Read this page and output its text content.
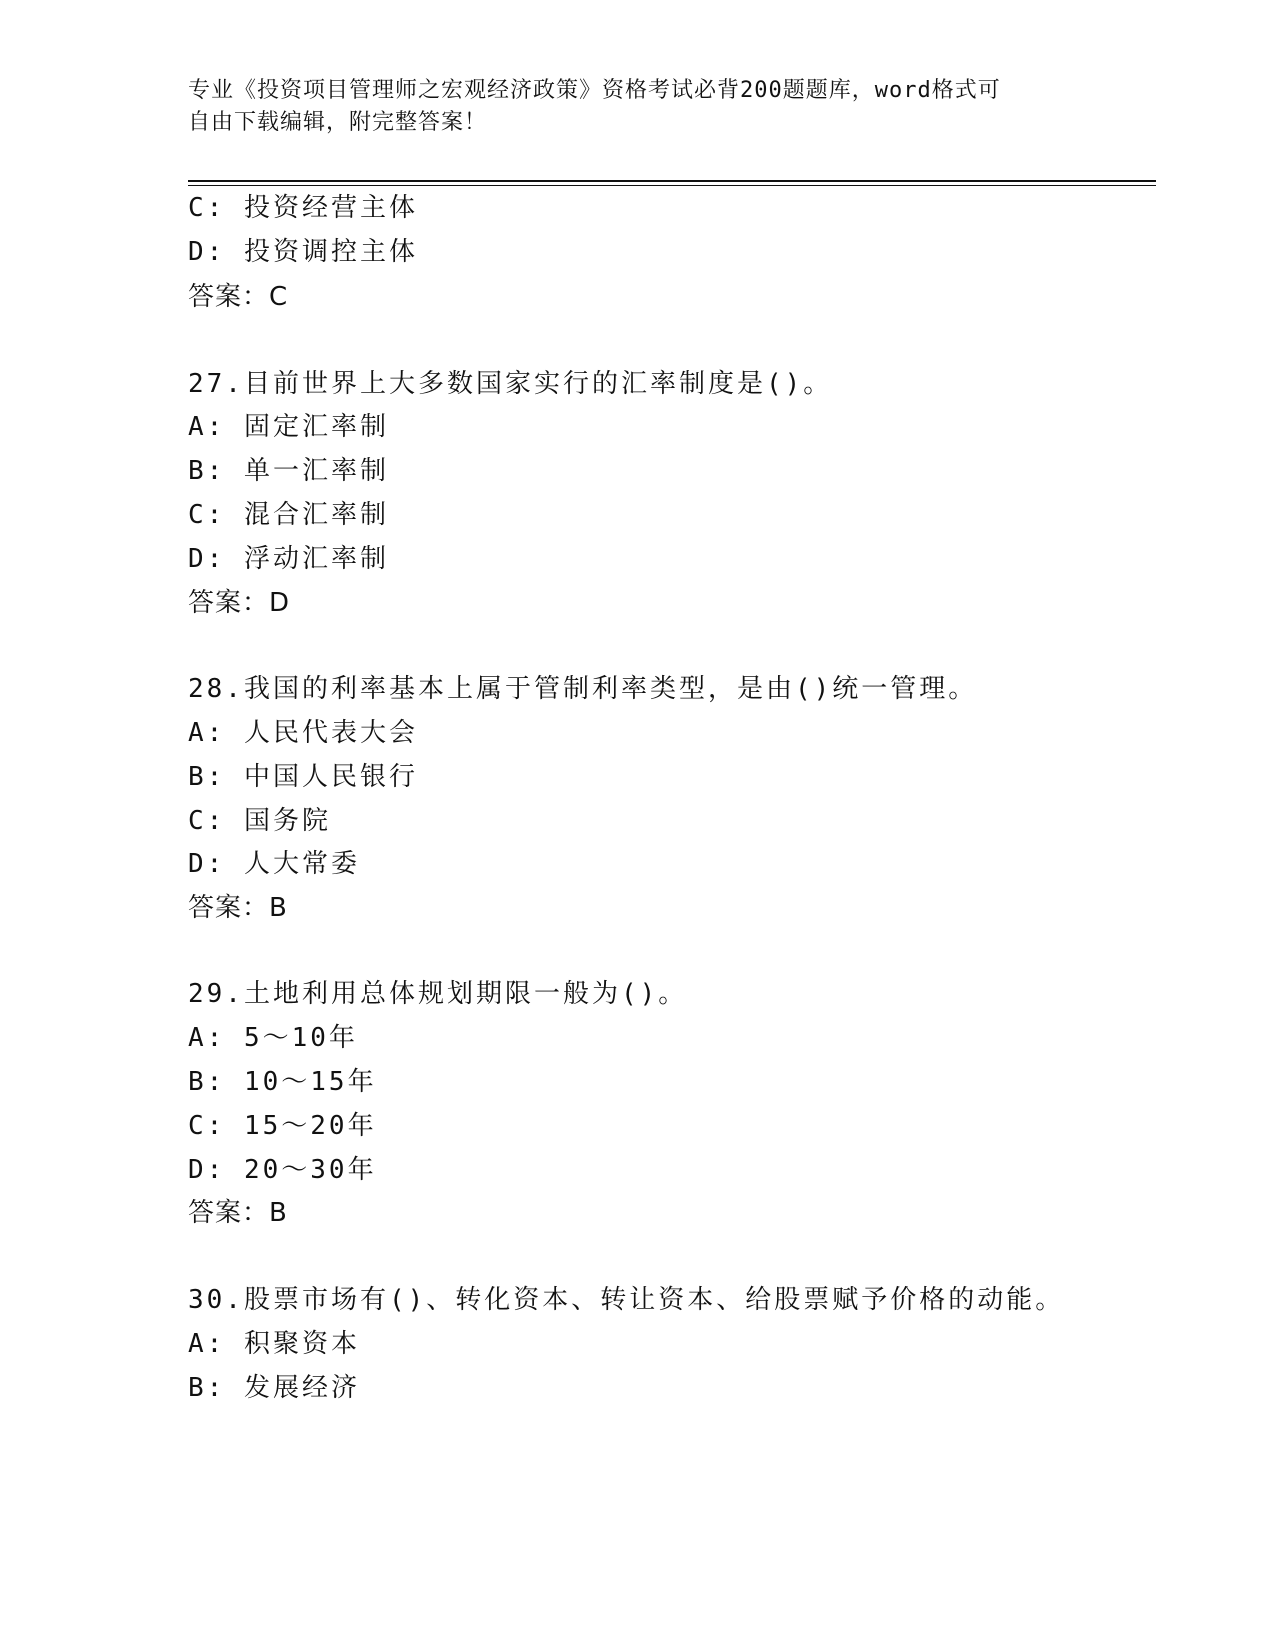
专业《投资项目管理师之宏观经济政策》资格考试必背200题题库，word格式可
自由下载编辑，附完整答案！
C: 投资经营主体
D: 投资调控主体
答案：C
27.目前世界上大多数国家实行的汇率制度是()。
A: 固定汇率制
B: 单一汇率制
C: 混合汇率制
D: 浮动汇率制
答案：D
28.我国的利率基本上属于管制利率类型，是由()统一管理。
A: 人民代表大会
B: 中国人民银行
C: 国务院
D: 人大常委
答案：B
29.土地利用总体规划期限一般为()。
A: 5～10年
B: 10～15年
C: 15～20年
D: 20～30年
答案：B
30.股票市场有()、转化资本、转让资本、给股票赋予价格的动能。
A: 积聚资本
B: 发展经济
